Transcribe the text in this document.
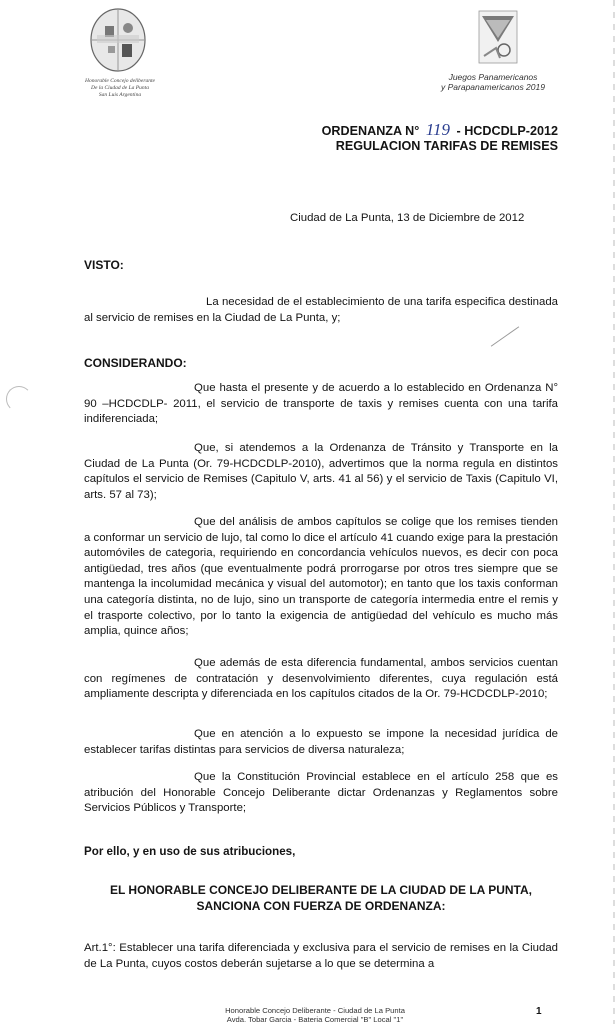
Honorable Concejo deliberante
De la Ciudad de La Punta
San Luis Argentina
Juegos Panamericanos
y Parapanamericanos 2019
ORDENANZA N° 119 - HCDCDLP-2012
REGULACION TARIFAS DE REMISES
Ciudad de La Punta, 13 de Diciembre de 2012
VISTO:
La necesidad de el establecimiento de una tarifa especifica destinada al servicio de remises en la Ciudad de La Punta, y;
CONSIDERANDO:
Que hasta el presente y de acuerdo a lo establecido en Ordenanza N° 90 –HCDCDLP- 2011, el servicio de transporte de taxis y remises cuenta con una tarifa indiferenciada;
Que, si atendemos a la Ordenanza de Tránsito y Transporte en la Ciudad de La Punta (Or. 79-HCDCDLP-2010), advertimos que la norma regula en distintos capítulos el servicio de Remises (Capitulo V, arts. 41 al 56) y el servicio de Taxis (Capitulo VI, arts. 57 al 73);
Que del análisis de ambos capítulos se colige que los remises tienden a conformar un servicio de lujo, tal como lo dice el artículo 41 cuando exige para la prestación automóviles de categoria, requiriendo en concordancia vehículos nuevos, es decir con poca antigüedad, tres años (que eventualmente podrá prorrogarse por otros tres siempre que se mantenga la incolumidad mecánica y visual del automotor); en tanto que los taxis conforman una categoría distinta, no de lujo, sino un transporte de categoría intermedia entre el remis y el trasporte colectivo, por lo tanto la exigencia de antigüedad del vehículo es mucho más amplia, quince años;
Que además de esta diferencia fundamental, ambos servicios cuentan con regímenes de contratación y desenvolvimiento diferentes, cuya regulación está ampliamente descripta y diferenciada en los capítulos citados de la Or. 79-HCDCDLP-2010;
Que en atención a lo expuesto se impone la necesidad jurídica de establecer tarifas distintas para servicios de diversa naturaleza;
Que la Constitución Provincial establece en el artículo 258 que es atribución del Honorable Concejo Deliberante dictar Ordenanzas y Reglamentos sobre Servicios Públicos y Transporte;
Por ello, y en uso de sus atribuciones,
EL HONORABLE CONCEJO DELIBERANTE DE LA CIUDAD DE LA PUNTA,
SANCIONA CON FUERZA DE ORDENANZA:
Art.1°: Establecer una tarifa diferenciada y exclusiva para el servicio de remises en la Ciudad de La Punta, cuyos costos deberán sujetarse a lo que se determina a
Honorable Concejo Deliberante - Ciudad de La Punta
Avda. Tobar Garcia - Bateria Comercial "B" Local "1"
1
